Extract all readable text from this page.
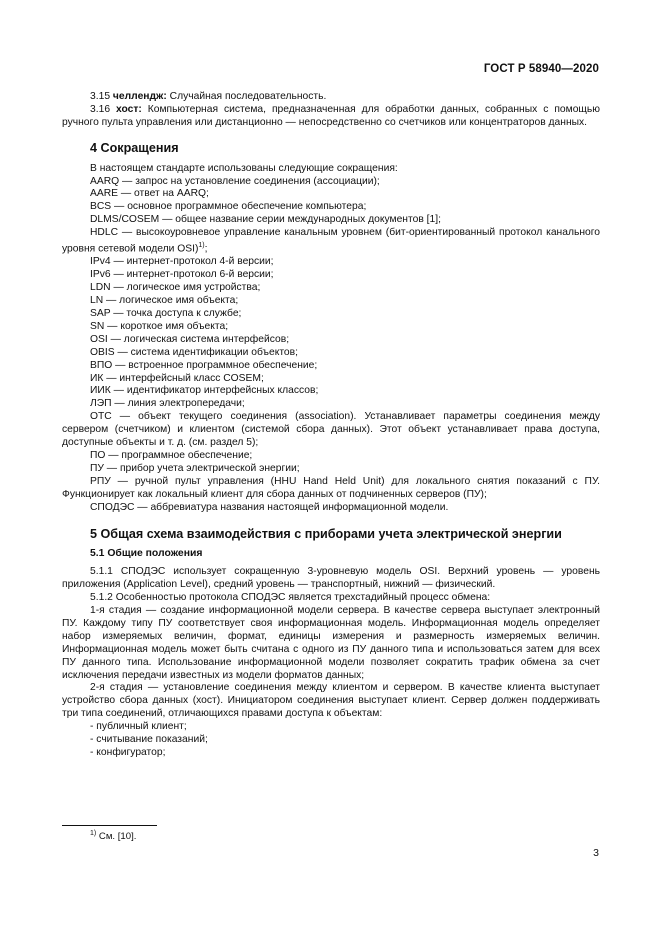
ГОСТ Р 58940—2020

3.15 челлендж: Случайная последовательность.

3.16 хост: Компьютерная система, предназначенная для обработки данных, собранных с помощью ручного пульта управления или дистанционно — непосредственно со счетчиков или концентраторов данных.

4 Сокращения

В настоящем стандарте использованы следующие сокращения:

AARQ — запрос на установление соединения (ассоциации);

AARE — ответ на AARQ;

BCS — основное программное обеспечение компьютера;

DLMS/COSEM — общее название серии международных документов [1];

HDLC — высокоуровневое управление канальным уровнем (бит-ориентированный протокол канального уровня сетевой модели OSI)$^{1)}$;

IPv4 — интернет-протокол 4-й версии;

IPv6 — интернет-протокол 6-й версии;

LDN — логическое имя устройства;

LN — логическое имя объекта;

SAP — точка доступа к службе;

SN — короткое имя объекта;

OSI — логическая система интерфейсов;

OBIS — система идентификации объектов;

ВПО — встроенное программное обеспечение;

ИК — интерфейсный класс COSEM;

ИИК — идентификатор интерфейсных классов;

ЛЭП — линия электропередачи;

ОТС — объект текущего соединения (association). Устанавливает параметры соединения между сервером (счетчиком) и клиентом (системой сбора данных). Этот объект устанавливает права доступа, доступные объекты и т. д. (см. раздел 5);

ПО — программное обеспечение;

ПУ — прибор учета электрической энергии;

РПУ — ручной пульт управления (HHU Hand Held Unit) для локального снятия показаний с ПУ. Функционирует как локальный клиент для сбора данных от подчиненных серверов (ПУ);

СПОДЭС — аббревиатура названия настоящей информационной модели.

5 Общая схема взаимодействия с приборами учета электрической энергии
5.1 Общие положения

5.1.1 СПОДЭС использует сокращенную 3-уровневую модель OSI. Верхний уровень — уровень приложения (Application Level), средний уровень — транспортный, нижний — физический.

5.1.2 Особенностью протокола СПОДЭС является трехстадийный процесс обмена:

1-я стадия — создание информационной модели сервера. В качестве сервера выступает электронный ПУ. Каждому типу ПУ соответствует своя информационная модель. Информационная модель определяет набор измеряемых величин, формат, единицы измерения и размерность измеряемых величин. Информационная модель может быть считана с одного из ПУ данного типа и использоваться затем для всех ПУ данного типа. Использование информационной модели позволяет сократить трафик обмена за счет исключения передачи известных из модели форматов данных;

2-я стадия — установление соединения между клиентом и сервером. В качестве клиента выступает устройство сбора данных (хост). Инициатором соединения выступает клиент. Сервер должен поддерживать три типа соединений, отличающихся правами доступа к объектам:

- публичный клиент;

- считывание показаний;

- конфигуратор;

$^{1)}$ См. [10].
3
